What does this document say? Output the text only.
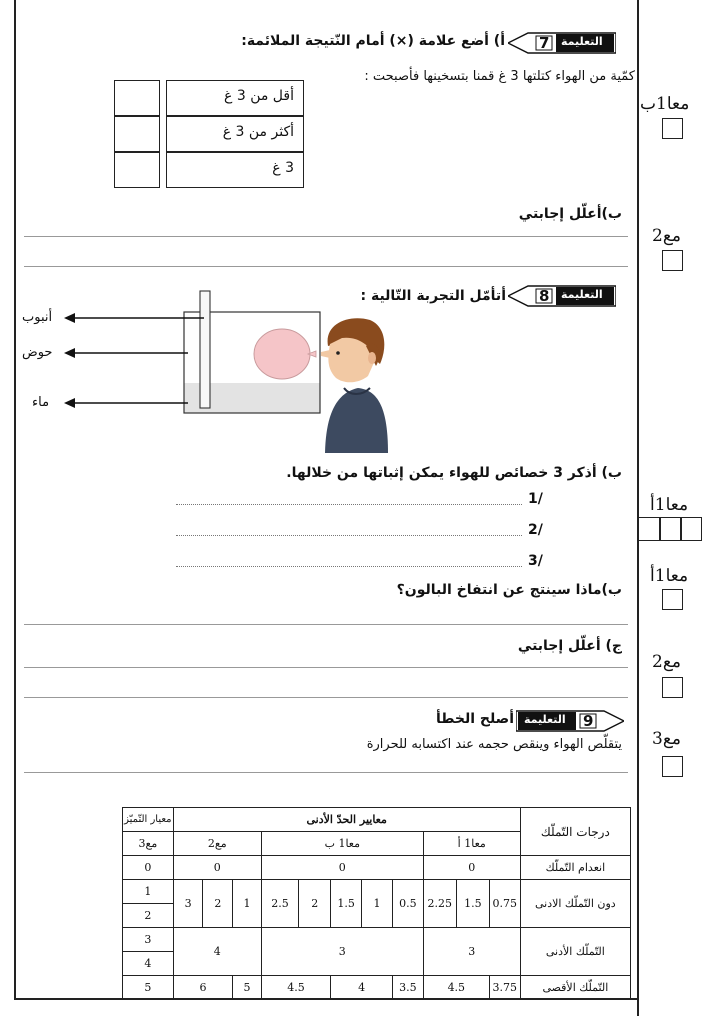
معا1ب
مع2
معا1أ
معا1أ
مع2
مع3
7 التعليمة
أ) أضع علامة (×) أمام النّتيجة الملائمة:
كمّية من الهواء كتلتها 3 غ قمنا بتسخينها فأصبحت :
أقل من 3 غ
أكثر من 3 غ
3 غ
ب)أعلّل إجابتي
8 التعليمة
أتأمّل التجربة التّالية :
أنبوب
حوض
ماء
ب) أذكر 3 خصائص للهواء يمكن إثباتها من خلالها.
1/
2/
3/
ب)ماذا سينتج عن انتفاخ البالون؟
ج) أعلّل إجابتي
9
التعليمة
أصلح الخطأ
يتقلّص الهواء وينقص حجمه عند اكتسابه للحرارة
معيار التّميّز	معايير الحدّ الأدنى											درجات التّملّك
مع3	مع2			معا1 ب					معا1 أ			
0	0			0					0			انعدام التّملّك
1	3	2	1	2.5	2	1.5	1	0.5	2.25	1.5	0.75	دون التّملّك الادنى
2												
3	4			3					3			التّملّك الأدنى
4												
5	6		5	4.5		4		3.5	4.5		3.75	التّملّك الأقصى
